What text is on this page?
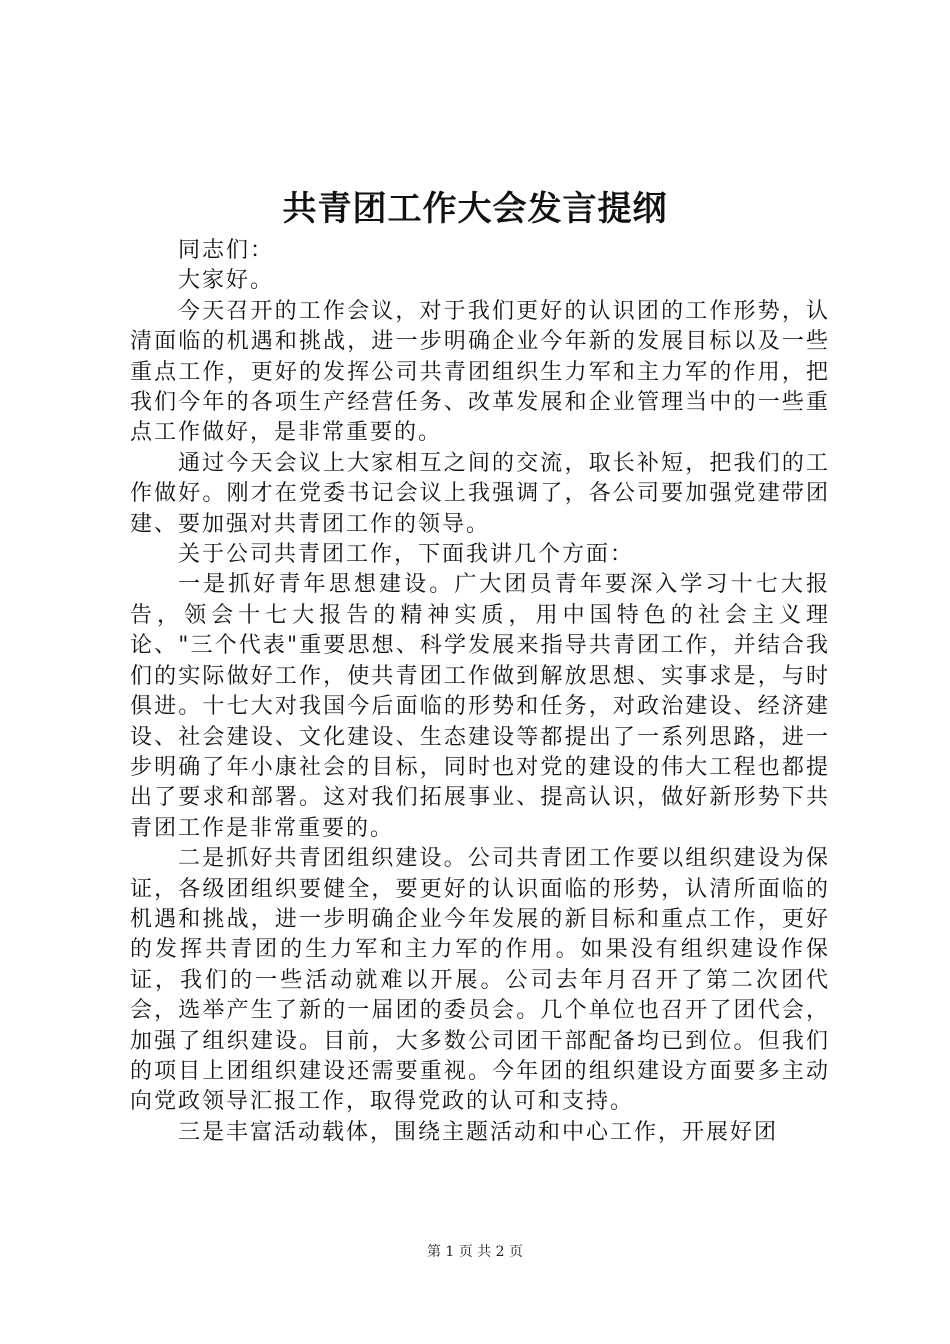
共青团工作大会发言提纲

同志们：

大家好。

今天召开的工作会议，对于我们更好的认识团的工作形势，认清面临的机遇和挑战，进一步明确企业今年新的发展目标以及一些重点工作，更好的发挥公司共青团组织生力军和主力军的作用，把我们今年的各项生产经营任务、改革发展和企业管理当中的一些重点工作做好，是非常重要的。

通过今天会议上大家相互之间的交流，取长补短，把我们的工作做好。刚才在党委书记会议上我强调了，各公司要加强党建带团建、要加强对共青团工作的领导。

关于公司共青团工作，下面我讲几个方面：

一是抓好青年思想建设。广大团员青年要深入学习十七大报告，领会十七大报告的精神实质，用中国特色的社会主义理论、"三个代表"重要思想、科学发展来指导共青团工作，并结合我们的实际做好工作，使共青团工作做到解放思想、实事求是，与时俱进。十七大对我国今后面临的形势和任务，对政治建设、经济建设、社会建设、文化建设、生态建设等都提出了一系列思路，进一步明确了年小康社会的目标，同时也对党的建设的伟大工程也都提出了要求和部署。这对我们拓展事业、提高认识，做好新形势下共青团工作是非常重要的。

二是抓好共青团组织建设。公司共青团工作要以组织建设为保证，各级团组织要健全，要更好的认识面临的形势，认清所面临的机遇和挑战，进一步明确企业今年发展的新目标和重点工作，更好的发挥共青团的生力军和主力军的作用。如果没有组织建设作保证，我们的一些活动就难以开展。公司去年月召开了第二次团代会，选举产生了新的一届团的委员会。几个单位也召开了团代会，加强了组织建设。目前，大多数公司团干部配备均已到位。但我们的项目上团组织建设还需要重视。今年团的组织建设方面要多主动向党政领导汇报工作，取得党政的认可和支持。

三是丰富活动载体，围绕主题活动和中心工作，开展好团

第 1 页 共 2 页
